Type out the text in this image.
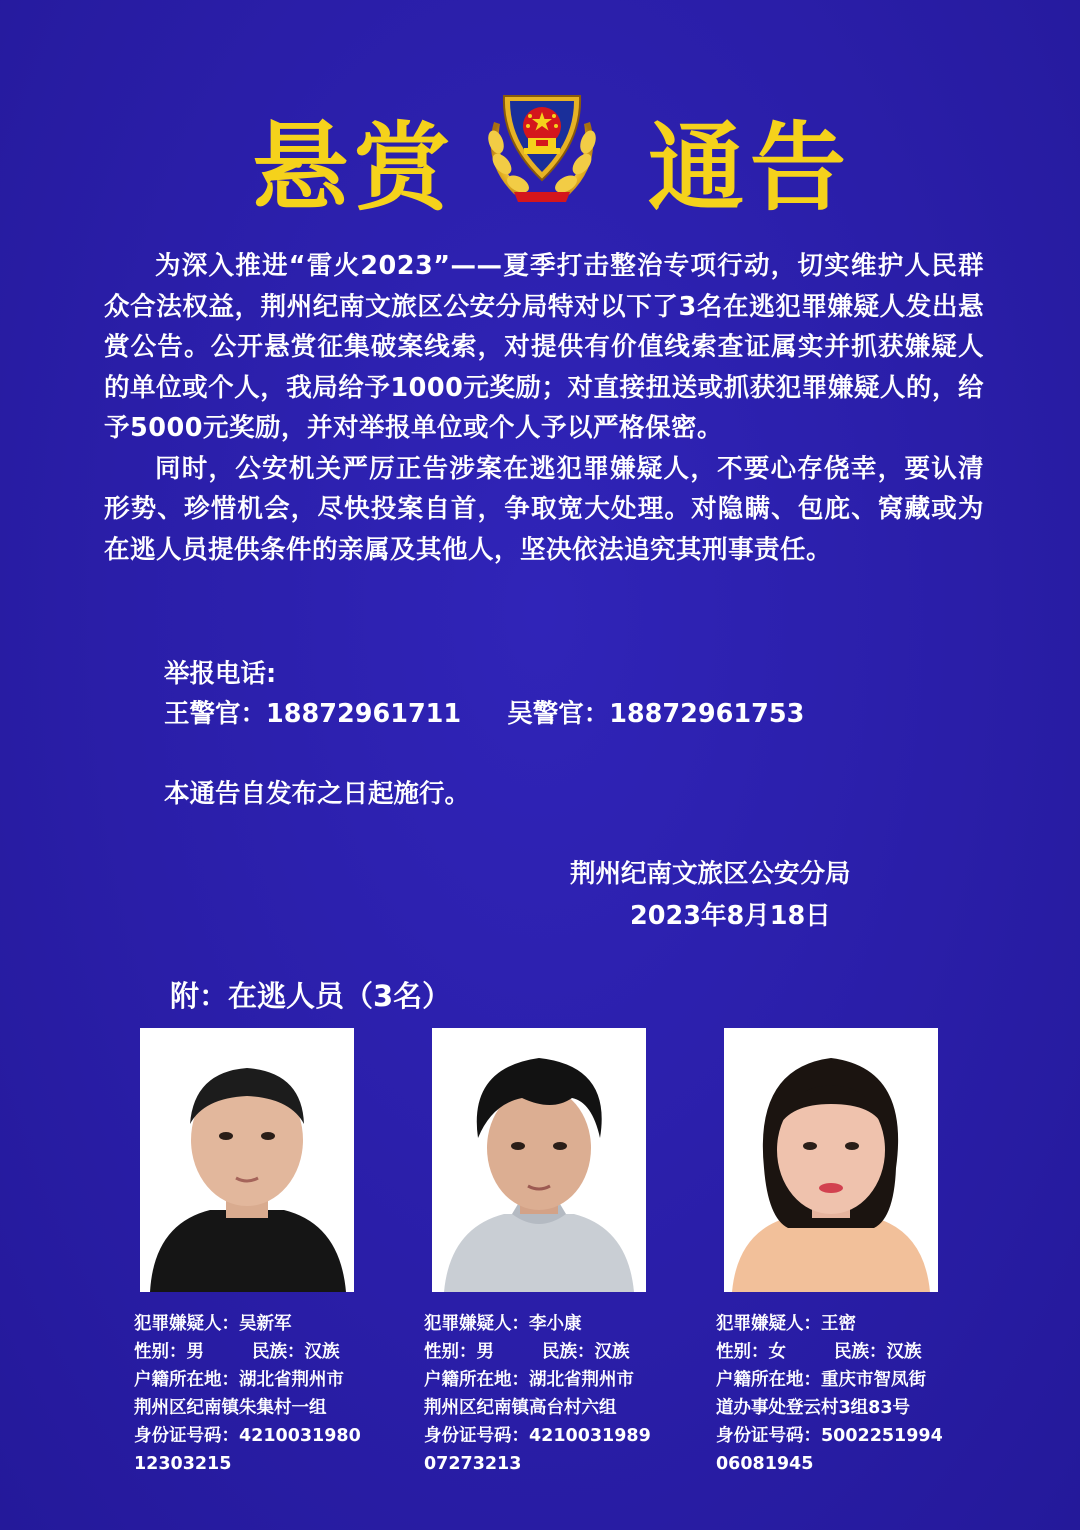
悬赏 通告

为深入推进“雷火2023”——夏季打击整治专项行动，切实维护人民群众合法权益，荆州纪南文旅区公安分局特对以下了3名在逃犯罪嫌疑人发出悬赏公告。公开悬赏征集破案线索，对提供有价值线索查证属实并抓获嫌疑人的单位或个人，我局给予1000元奖励；对直接扭送或抓获犯罪嫌疑人的，给予5000元奖励，并对举报单位或个人予以严格保密。

同时，公安机关严厉正告涉案在逃犯罪嫌疑人，不要心存侥幸，要认清形势、珍惜机会，尽快投案自首，争取宽大处理。对隐瞒、包庇、窝藏或为在逃人员提供条件的亲属及其他人，坚决依法追究其刑事责任。

举报电话:
王警官：18872961711 吴警官：18872961753
本通告自发布之日起施行。
荆州纪南文旅区公安分局
2023年8月18日
附：在逃人员（3名）
犯罪嫌疑人：吴新军
性别：男	民族：汉族
户籍所在地：湖北省荆州市
荆州区纪南镇朱集村一组
身份证号码：4210031980
12303215
犯罪嫌疑人：李小康
性别：男	民族：汉族
户籍所在地：湖北省荆州市
荆州区纪南镇高台村六组
身份证号码：4210031989
07273213
犯罪嫌疑人：王密
性别：女	民族：汉族
户籍所在地：重庆市智凤街
道办事处登云村3组83号
身份证号码：5002251994
06081945
